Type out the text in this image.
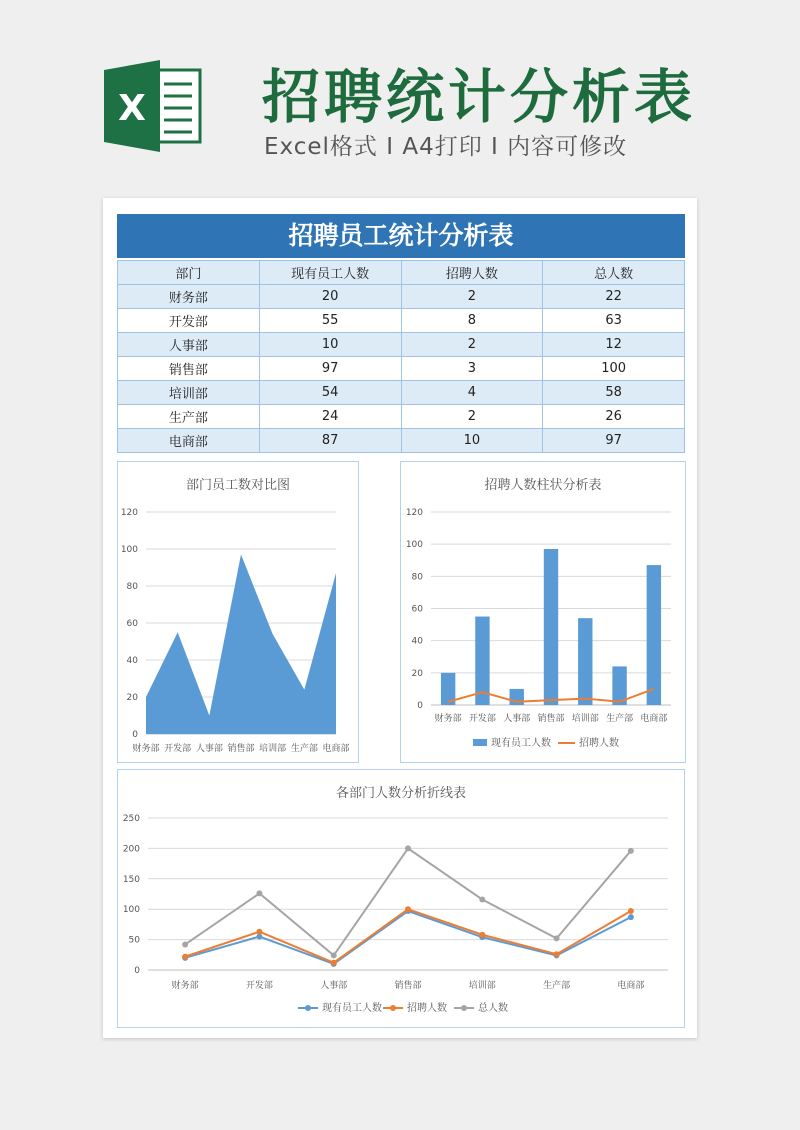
X 招聘统计分析表
Excel格式 I A4打印 I 内容可修改
招聘员工统计分析表
部门	现有员工人数	招聘人数	总人数
财务部	20	2	22
开发部	55	8	63
人事部	10	2	12
销售部	97	3	100
培训部	54	4	58
生产部	24	2	26
电商部	87	10	97
部门员工数对比图
0
20
40
60
80
100
120
财务部 开发部 人事部 销售部 培训部 生产部 电商部
招聘人数柱状分析表
0
20
40
60
80
100
120
财务部 开发部 人事部 销售部 培训部 生产部 电商部
现有员工人数	招聘人数
各部门人数分析折线表
0
50
100
150
200
250
财务部	开发部	人事部	销售部	培训部	生产部	电商部
现有员工人数	招聘人数	总人数
